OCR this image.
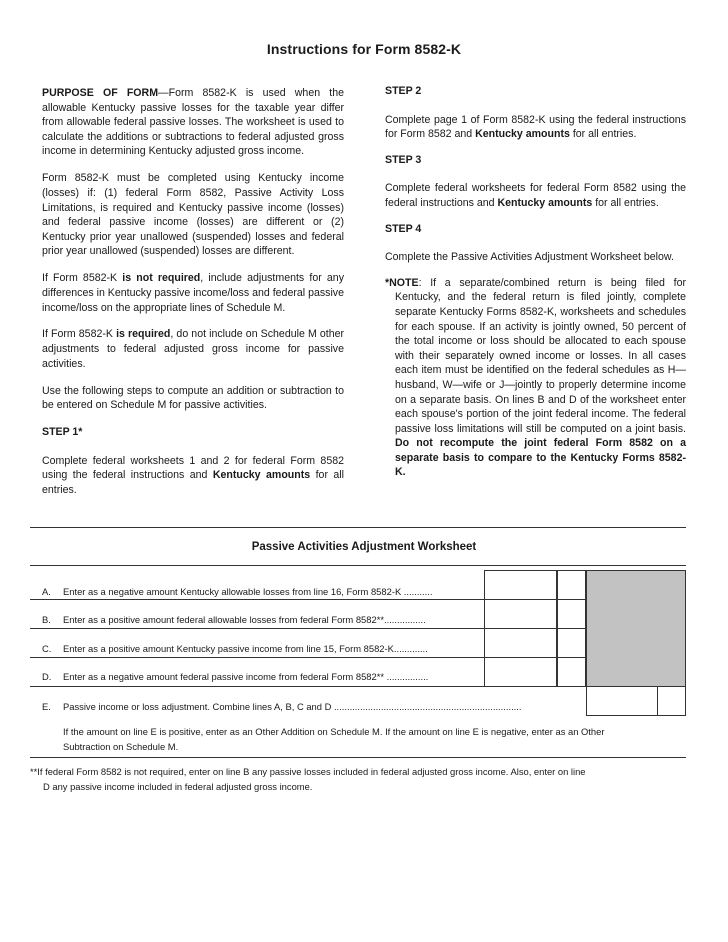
Instructions for Form 8582-K

PURPOSE OF FORM—Form 8582-K is used when the allowable Kentucky passive losses for the taxable year differ from allowable federal passive losses. The worksheet is used to calculate the additions or subtractions to federal adjusted gross income in determining Kentucky adjusted gross income.

Form 8582-K must be completed using Kentucky income (losses) if: (1) federal Form 8582, Passive Activity Loss Limitations, is required and Kentucky passive income (losses) and federal passive income (losses) are different or (2) Kentucky prior year unallowed (suspended) losses and federal prior year unallowed (suspended) losses are different.

If Form 8582-K is not required, include adjustments for any differences in Kentucky passive income/loss and federal passive income/loss on the appropriate lines of Schedule M.

If Form 8582-K is required, do not include on Schedule M other adjustments to federal adjusted gross income for passive activities.

Use the following steps to compute an addition or subtraction to be entered on Schedule M for passive activities.

STEP 1*

Complete federal worksheets 1 and 2 for federal Form 8582 using the federal instructions and Kentucky amounts for all entries.

STEP 2

Complete page 1 of Form 8582-K using the federal instructions for Form 8582 and Kentucky amounts for all entries.

STEP 3

Complete federal worksheets for federal Form 8582 using the federal instructions and Kentucky amounts for all entries.

STEP 4

Complete the Passive Activities Adjustment Worksheet below.

*NOTE: If a separate/combined return is being filed for Kentucky, and the federal return is filed jointly, complete separate Kentucky Forms 8582-K, worksheets and schedules for each spouse. If an activity is jointly owned, 50 percent of the total income or loss should be allocated to each spouse with their separately owned income or losses. In all cases each item must be identified on the federal schedules as H—husband, W—wife or J—jointly to properly determine income on a separate basis. On lines B and D of the worksheet enter each spouse's portion of the joint federal income. The federal passive loss limitations will still be computed on a joint basis. Do not recompute the joint federal Form 8582 on a separate basis to compare to the Kentucky Forms 8582-K.

Passive Activities Adjustment Worksheet
A. Enter as a negative amount Kentucky allowable losses from line 16, Form 8582-K ...........
B. Enter as a positive amount federal allowable losses from federal Form 8582**................
C. Enter as a positive amount Kentucky passive income from line 15, Form 8582-K.............
D. Enter as a negative amount federal passive income from federal Form 8582** ................
E. Passive income or loss adjustment. Combine lines A, B, C and D ........................................................................
If the amount on line E is positive, enter as an Other Addition on Schedule M. If the amount on line E is negative, enter as an Other Subtraction on Schedule M.
**If federal Form 8582 is not required, enter on line B any passive losses included in federal adjusted gross income. Also, enter on line
D any passive income included in federal adjusted gross income.
